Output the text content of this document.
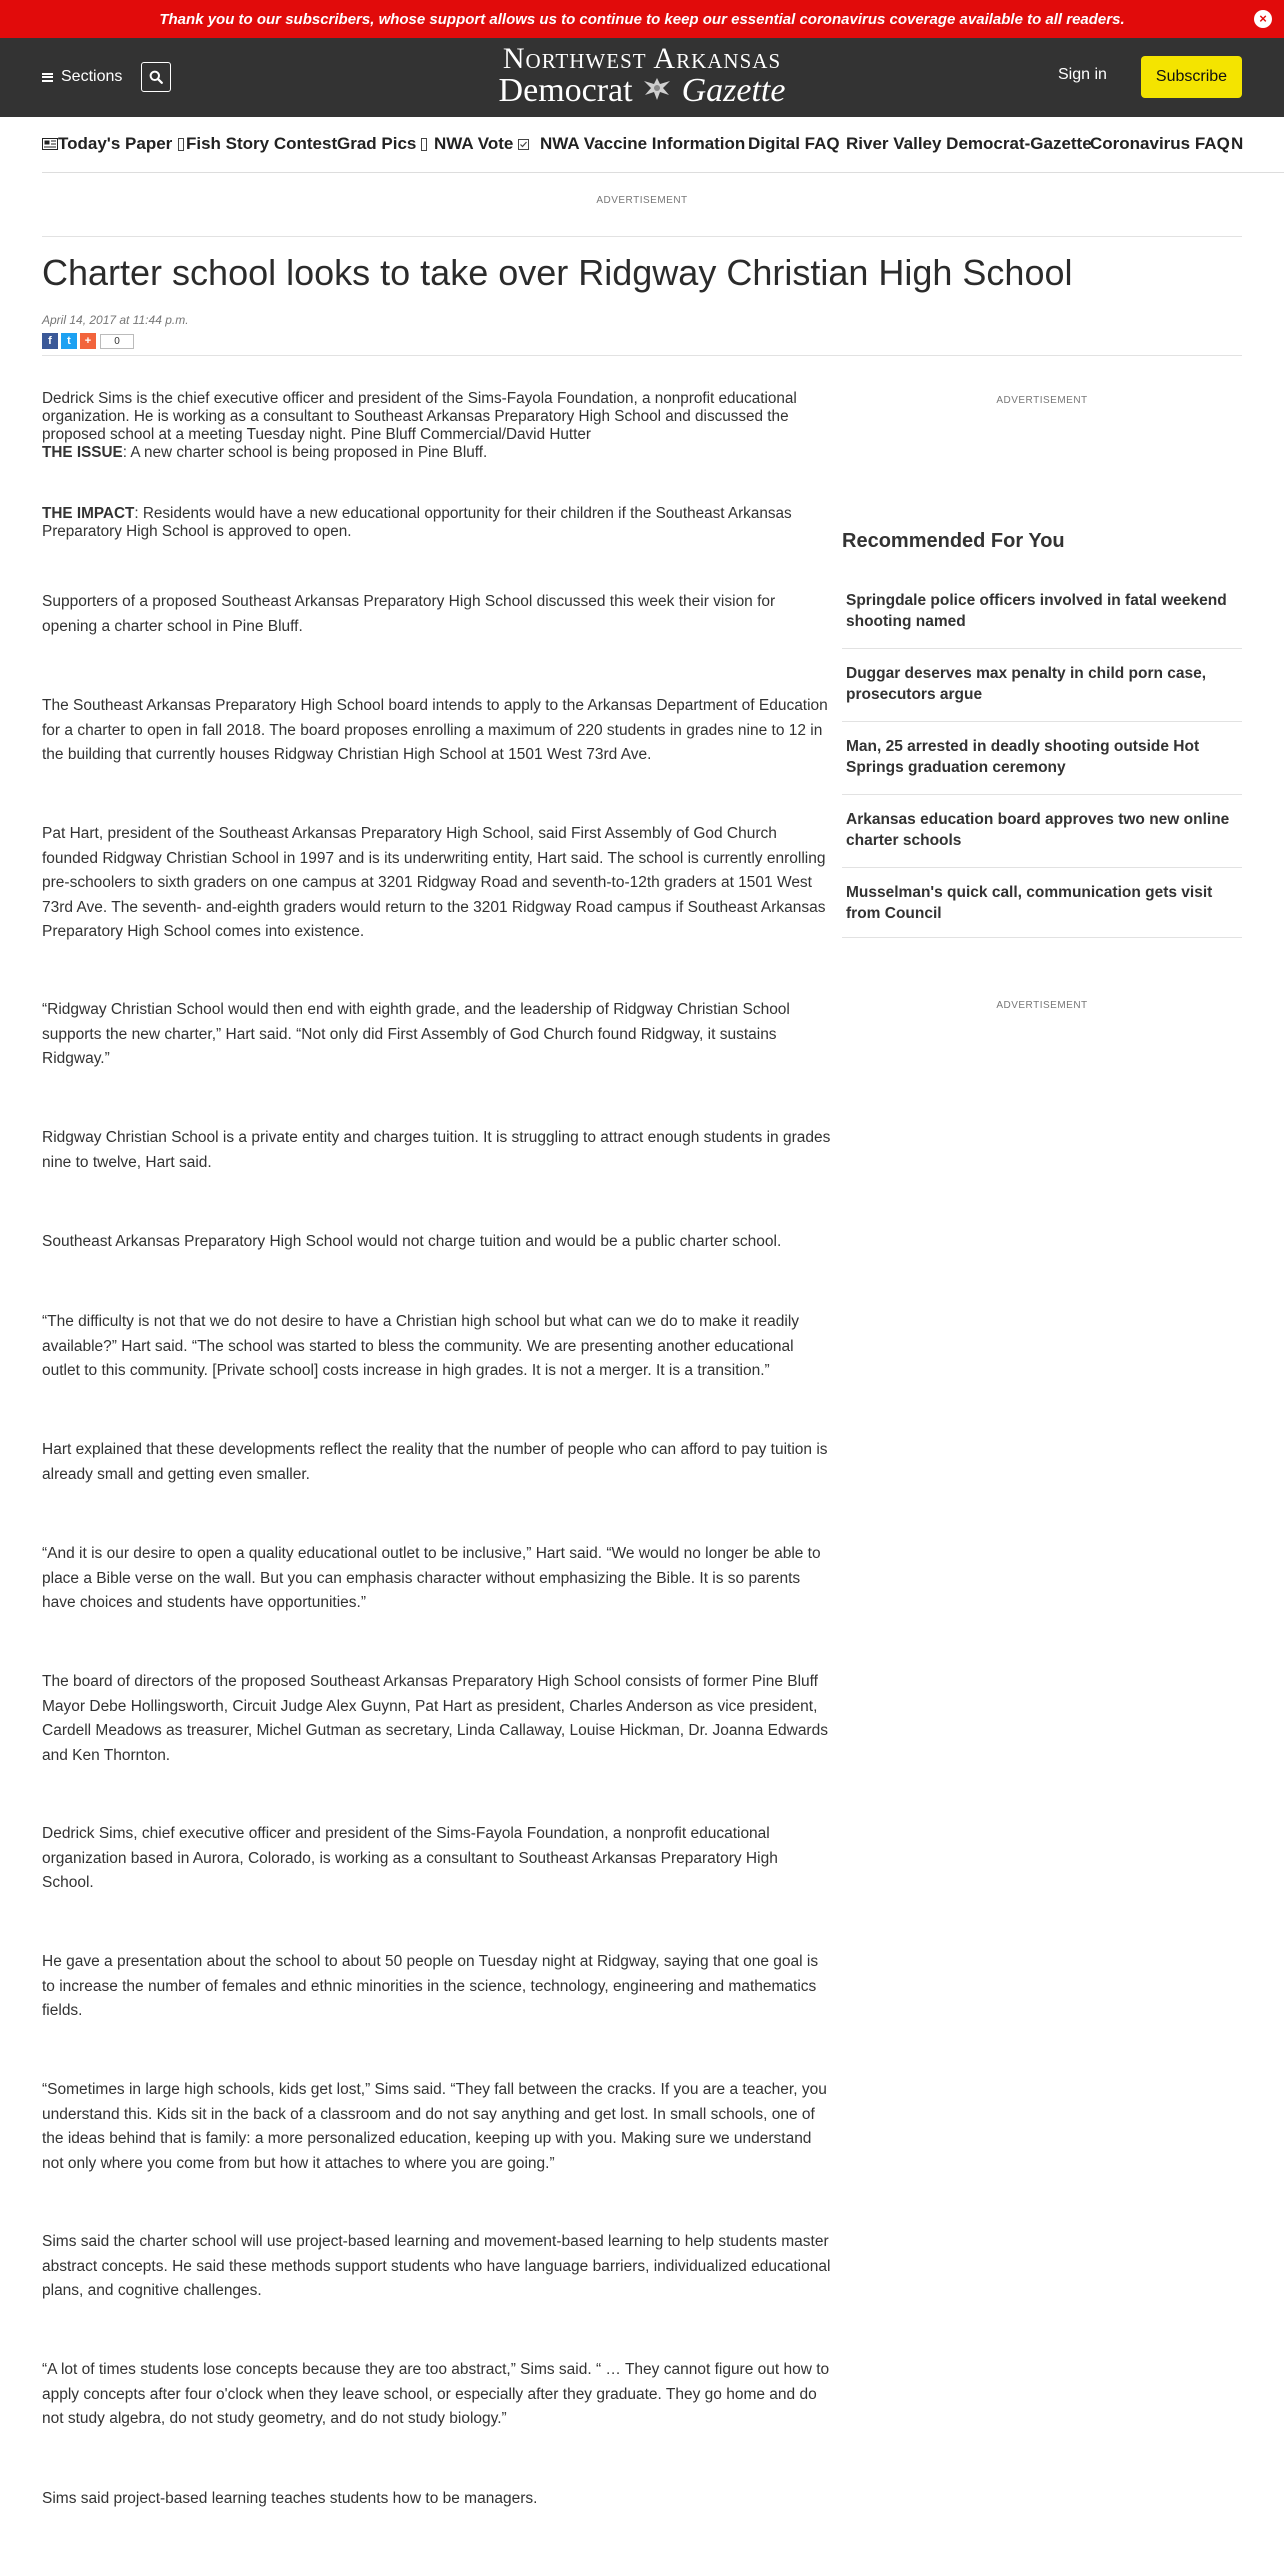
Thank you to our subscribers, whose support allows us to continue to keep our essential coronavirus coverage available to all readers.	×
Sections
Northwest Arkansas
Democrat Gazette	Sign in	Subscribe
Today's Paper Fish Story Contest Grad Pics	NWA Vote	NWA Vaccine Information Digital FAQ River Valley Democrat-Gazette
Coronavirus FAQ N
ADVERTISEMENT
Charter school looks to take over Ridgway Christian High School
April 14, 2017 at 11:44 p.m.
f	t	+	0

Dedrick Sims is the chief executive officer and president of the Sims-Fayola Foundation, a nonprofit educational organization. He is working as a consultant to Southeast Arkansas Preparatory High School and discussed the proposed school at a meeting Tuesday night. Pine Bluff Commercial/David Hutter

THE ISSUE: A new charter school is being proposed in Pine Bluff.

THE IMPACT: Residents would have a new educational opportunity for their children if the Southeast Arkansas Preparatory High School is approved to open.

Supporters of a proposed Southeast Arkansas Preparatory High School discussed this week their vision for opening a charter school in Pine Bluff.

The Southeast Arkansas Preparatory High School board intends to apply to the Arkansas Department of Education for a charter to open in fall 2018. The board proposes enrolling a maximum of 220 students in grades nine to 12 in the building that currently houses Ridgway Christian High School at 1501 West 73rd Ave.

Pat Hart, president of the Southeast Arkansas Preparatory High School, said First Assembly of God Church founded Ridgway Christian School in 1997 and is its underwriting entity, Hart said. The school is currently enrolling pre-schoolers to sixth graders on one campus at 3201 Ridgway Road and seventh-to-12th graders at 1501 West 73rd Ave. The seventh- and-eighth graders would return to the 3201 Ridgway Road campus if Southeast Arkansas Preparatory High School comes into existence.

“Ridgway Christian School would then end with eighth grade, and the leadership of Ridgway Christian School supports the new charter,” Hart said. “Not only did First Assembly of God Church found Ridgway, it sustains Ridgway.”

Ridgway Christian School is a private entity and charges tuition. It is struggling to attract enough students in grades nine to twelve, Hart said.

Southeast Arkansas Preparatory High School would not charge tuition and would be a public charter school.

“The difficulty is not that we do not desire to have a Christian high school but what can we do to make it readily available?” Hart said. “The school was started to bless the community. We are presenting another educational outlet to this community. [Private school] costs increase in high grades. It is not a merger. It is a transition.”

Hart explained that these developments reflect the reality that the number of people who can afford to pay tuition is already small and getting even smaller.

“And it is our desire to open a quality educational outlet to be inclusive,” Hart said. “We would no longer be able to place a Bible verse on the wall. But you can emphasis character without emphasizing the Bible. It is so parents have choices and students have opportunities.”

The board of directors of the proposed Southeast Arkansas Preparatory High School consists of former Pine Bluff Mayor Debe Hollingsworth, Circuit Judge Alex Guynn, Pat Hart as president, Charles Anderson as vice president, Cardell Meadows as treasurer, Michel Gutman as secretary, Linda Callaway, Louise Hickman, Dr. Joanna Edwards and Ken Thornton.

Dedrick Sims, chief executive officer and president of the Sims-Fayola Foundation, a nonprofit educational organization based in Aurora, Colorado, is working as a consultant to Southeast Arkansas Preparatory High School.

He gave a presentation about the school to about 50 people on Tuesday night at Ridgway, saying that one goal is to increase the number of females and ethnic minorities in the science, technology, engineering and mathematics fields.

“Sometimes in large high schools, kids get lost,” Sims said. “They fall between the cracks. If you are a teacher, you understand this. Kids sit in the back of a classroom and do not say anything and get lost. In small schools, one of the ideas behind that is family: a more personalized education, keeping up with you. Making sure we understand not only where you come from but how it attaches to where you are going.”

Sims said the charter school will use project-based learning and movement-based learning to help students master abstract concepts. He said these methods support students who have language barriers, individualized educational plans, and cognitive challenges.

“A lot of times students lose concepts because they are too abstract,” Sims said. “ … They cannot figure out how to apply concepts after four o'clock when they leave school, or especially after they graduate. They go home and do not study algebra, do not study geometry, and do not study biology.”

Sims said project-based learning teaches students how to be managers.

ADVERTISEMENT
Recommended For You
Springdale police officers involved in fatal weekend shooting named
Duggar deserves max penalty in child porn case, prosecutors argue
Man, 25 arrested in deadly shooting outside Hot Springs graduation ceremony
Arkansas education board approves two new online charter schools
Musselman's quick call, communication gets visit from Council
ADVERTISEMENT
